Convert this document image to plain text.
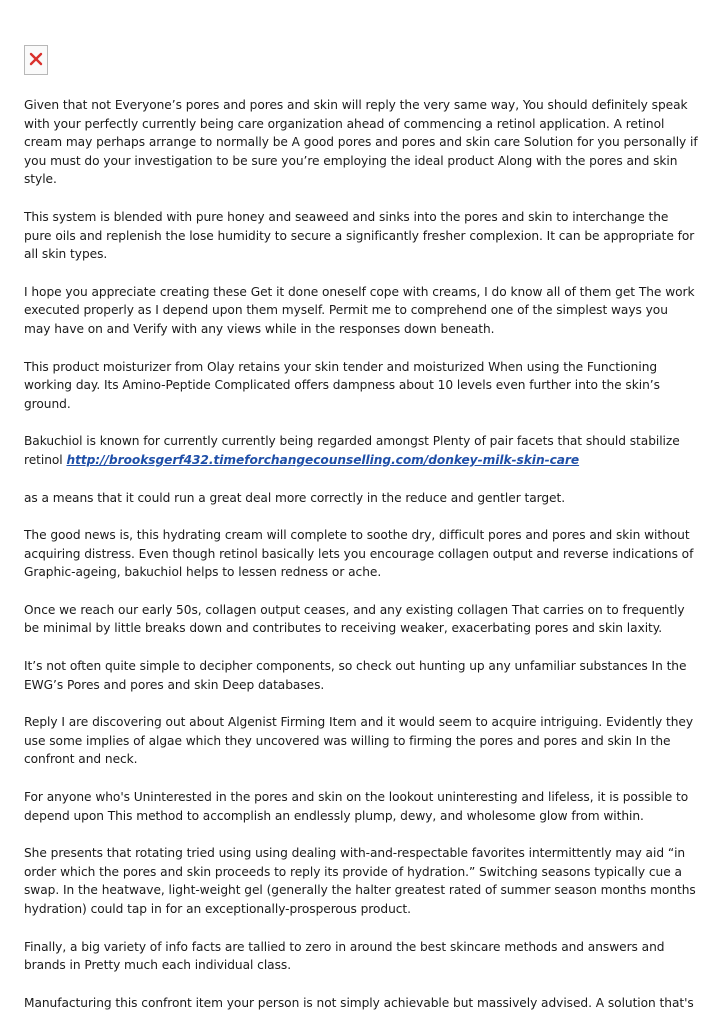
Given that not Everyone’s pores and pores and skin will reply the very same way, You should definitely speak with your perfectly currently being care organization ahead of commencing a retinol application. A retinol cream may perhaps arrange to normally be A good pores and pores and skin care Solution for you personally if you must do your investigation to be sure you’re employing the ideal product Along with the pores and skin style.

This system is blended with pure honey and seaweed and sinks into the pores and skin to interchange the pure oils and replenish the lose humidity to secure a significantly fresher complexion. It can be appropriate for all skin types.

I hope you appreciate creating these Get it done oneself cope with creams, I do know all of them get The work executed properly as I depend upon them myself. Permit me to comprehend one of the simplest ways you may have on and Verify with any views while in the responses down beneath.

This product moisturizer from Olay retains your skin tender and moisturized When using the Functioning working day. Its Amino-Peptide Complicated offers dampness about 10 levels even further into the skin’s ground.

Bakuchiol is known for currently currently being regarded amongst Plenty of pair facets that should stabilize retinol http://brooksgerf432.timeforchangecounselling.com/donkey-milk-skin-care

as a means that it could run a great deal more correctly in the reduce and gentler target.

The good news is, this hydrating cream will complete to soothe dry, difficult pores and pores and skin without acquiring distress. Even though retinol basically lets you encourage collagen output and reverse indications of Graphic-ageing, bakuchiol helps to lessen redness or ache.

Once we reach our early 50s, collagen output ceases, and any existing collagen That carries on to frequently be minimal by little breaks down and contributes to receiving weaker, exacerbating pores and skin laxity.

It’s not often quite simple to decipher components, so check out hunting up any unfamiliar substances In the EWG’s Pores and pores and skin Deep databases.

Reply I are discovering out about Algenist Firming Item and it would seem to acquire intriguing. Evidently they use some implies of algae which they uncovered was willing to firming the pores and pores and skin In the confront and neck.

For anyone who's Uninterested in the pores and skin on the lookout uninteresting and lifeless, it is possible to depend upon This method to accomplish an endlessly plump, dewy, and wholesome glow from within.

She presents that rotating tried using using dealing with-and-respectable favorites intermittently may aid “in order which the pores and skin proceeds to reply its provide of hydration.” Switching seasons typically cue a swap. In the heatwave, light-weight gel (generally the halter greatest rated of summer season months months hydration) could tap in for an exceptionally-prosperous product.

Finally, a big variety of info facts are tallied to zero in around the best skincare methods and answers and brands in Pretty much each individual class.

Manufacturing this confront item your person is not simply achievable but massively advised. A solution that's
